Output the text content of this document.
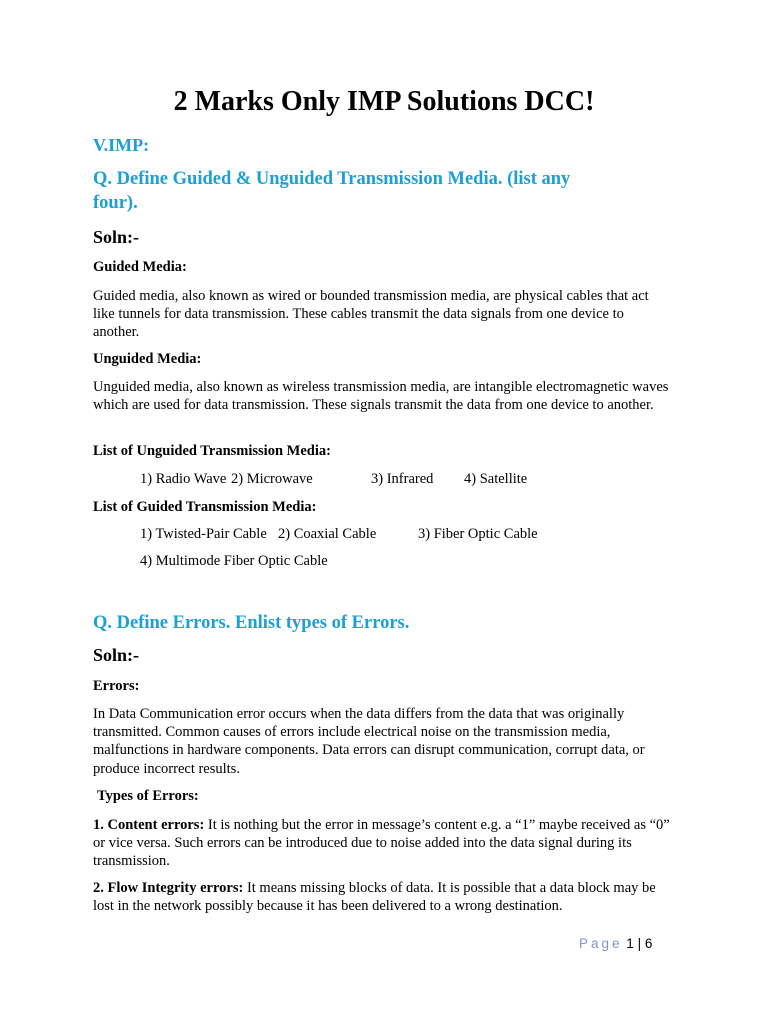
2 Marks Only IMP Solutions DCC!
V.IMP:
Q. Define Guided & Unguided Transmission Media. (list any
four).
Soln:-
Guided Media:
Guided media, also known as wired or bounded transmission media, are physical cables that act like tunnels for data transmission. These cables transmit the data signals from one device to another.
Unguided Media:
Unguided media, also known as wireless transmission media, are intangible electromagnetic waves which are used for data transmission. These signals transmit the data from one device to another.
List of Unguided Transmission Media:
1) Radio Wave 2) Microwave	3) Infrared 4) Satellite
List of Guided Transmission Media:
1) Twisted-Pair Cable 2) Coaxial Cable	3) Fiber Optic Cable
4) Multimode Fiber Optic Cable
Q. Define Errors. Enlist types of Errors.
Soln:-
Errors:
In Data Communication error occurs when the data differs from the data that was originally transmitted. Common causes of errors include electrical noise on the transmission media, malfunctions in hardware components. Data errors can disrupt communication, corrupt data, or produce incorrect results.
Types of Errors:
1. Content errors: It is nothing but the error in message’s content e.g. a “1” maybe received as “0” or vice versa. Such errors can be introduced due to noise added into the data signal during its transmission.
2. Flow Integrity errors: It means missing blocks of data. It is possible that a data block may be lost in the network possibly because it has been delivered to a wrong destination.
Page 1 | 6
